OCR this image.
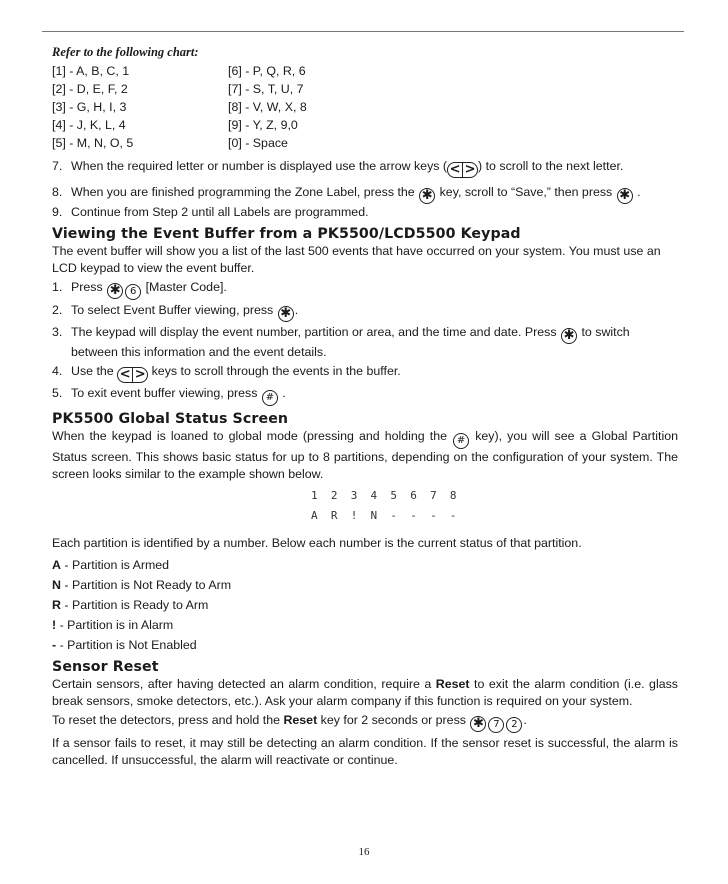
Refer to the following chart:
[1] - A, B, C, 1	[6] - P, Q, R, 6
[2] - D, E, F, 2	[7] - S, T, U, 7
[3] - G, H, I, 3	[8] - V, W, X, 8
[4] - J, K, L, 4	[9] - Y, Z, 9,0
[5] - M, N, O, 5	[0] - Space
7. When the required letter or number is displayed use the arrow keys ( < > ) to scroll to the next letter.
8. When you are finished programming the Zone Label, press the ✱ key, scroll to “Save,” then press ✱ .
9. Continue from Step 2 until all Labels are programmed.
Viewing the Event Buffer from a PK5500/LCD5500 Keypad

The event buffer will show you a list of the last 500 events that have occurred on your system. You must use an LCD keypad to view the event buffer.

1. Press ✱ 6 [Master Code].
2. To select Event Buffer viewing, press ✱ .
3. The keypad will display the event number, partition or area, and the time and date. Press ✱ to switch between this information and the event details.
4. Use the < > keys to scroll through the events in the buffer.
5. To exit event buffer viewing, press # .
PK5500 Global Status Screen

When the keypad is loaned to global mode (pressing and holding the # key), you will see a Global Partition Status screen. This shows basic status for up to 8 partitions, depending on the configuration of your system. The screen looks similar to the example shown below.

1 2 3 4 5 6 7 8
A R ! N - - - -

Each partition is identified by a number. Below each number is the current status of that partition.

A - Partition is Armed
N - Partition is Not Ready to Arm
R - Partition is Ready to Arm
! - Partition is in Alarm
- - Partition is Not Enabled
Sensor Reset

Certain sensors, after having detected an alarm condition, require a Reset to exit the alarm condition (i.e. glass break sensors, smoke detectors, etc.). Ask your alarm company if this function is required on your system.

To reset the detectors, press and hold the Reset key for 2 seconds or press ✱ 7 2 .

If a sensor fails to reset, it may still be detecting an alarm condition. If the sensor reset is successful, the alarm is cancelled. If unsuccessful, the alarm will reactivate or continue.

16
